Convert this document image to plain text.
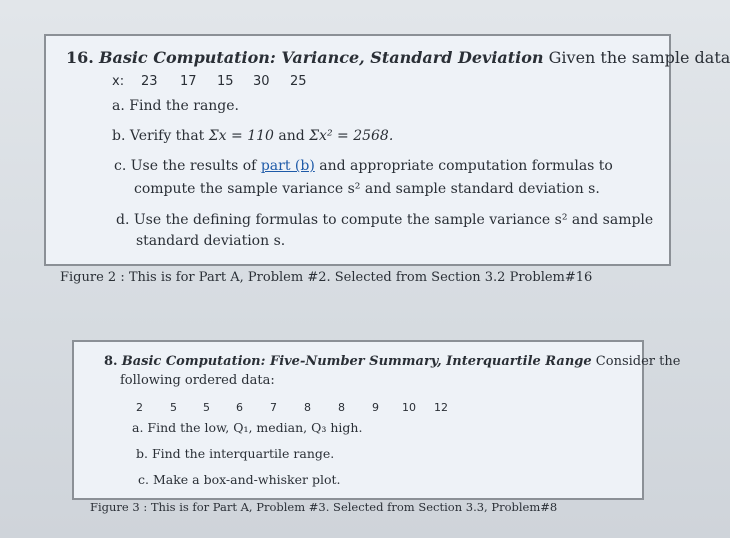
16. Basic Computation: Variance, Standard Deviation Given the sample data
x: 23 17 15 30 25
a. Find the range.
b. Verify that Σx = 110 and Σx² = 2568.
c. Use the results of part (b) and appropriate computation formulas to
compute the sample variance s² and sample standard deviation s.
d. Use the defining formulas to compute the sample variance s² and sample
standard deviation s.
Figure 2 : This is for Part A, Problem #2. Selected from Section 3.2 Problem#16
8. Basic Computation: Five-Number Summary, Interquartile Range Consider the
following ordered data:
2 5 5 6 7 8 8 9 10 12
a. Find the low, Q₁, median, Q₃ high.
b. Find the interquartile range.
c. Make a box-and-whisker plot.
Figure 3 : This is for Part A, Problem #3. Selected from Section 3.3, Problem#8
